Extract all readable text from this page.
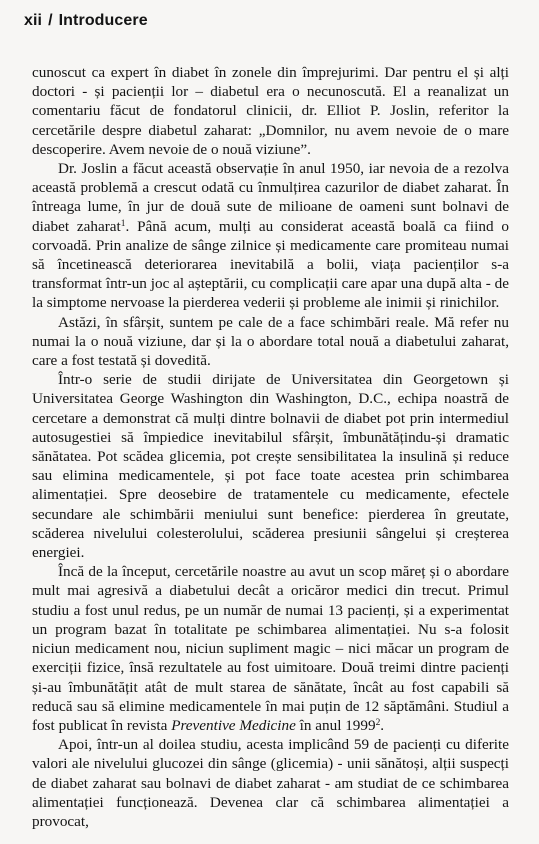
xii / Introducere

cunoscut ca expert în diabet în zonele din împrejurimi. Dar pentru el și alți doctori - și pacienții lor – diabetul era o necunoscută. El a reanalizat un comentariu făcut de fondatorul clinicii, dr. Elliot P. Joslin, referitor la cercetările despre diabetul zaharat: „Domnilor, nu avem nevoie de o mare descoperire. Avem nevoie de o nouă viziune”.

Dr. Joslin a făcut această observație în anul 1950, iar nevoia de a rezolva această problemă a crescut odată cu înmulțirea cazurilor de diabet zaharat. În întreaga lume, în jur de două sute de milioane de oameni sunt bolnavi de diabet zaharat$^1$. Până acum, mulți au considerat această boală ca fiind o corvoadă. Prin analize de sânge zilnice și medicamente care promiteau numai să încetinească deteriorarea inevitabilă a bolii, viața pacienților s-a transformat într-un joc al așteptării, cu complicații care apar una după alta - de la simptome nervoase la pierderea vederii și probleme ale inimii și rinichilor.

Astăzi, în sfârșit, suntem pe cale de a face schimbări reale. Mă refer nu numai la o nouă viziune, dar și la o abordare total nouă a diabetului zaharat, care a fost testată și dovedită.

Într-o serie de studii dirijate de Universitatea din Georgetown și Universitatea George Washington din Washington, D.C., echipa noastră de cercetare a demonstrat că mulți dintre bolnavii de diabet pot prin intermediul autosugestiei să împiedice inevitabilul sfârșit, îmbunătățindu-și dramatic sănătatea. Pot scădea glicemia, pot crește sensibilitatea la insulină și reduce sau elimina medicamentele, și pot face toate acestea prin schimbarea alimentației. Spre deosebire de tratamentele cu medicamente, efectele secundare ale schimbării meniului sunt benefice: pierderea în greutate, scăderea nivelului colesterolului, scăderea presiunii sângelui și creșterea energiei.

Încă de la început, cercetările noastre au avut un scop măreț și o abordare mult mai agresivă a diabetului decât a oricăror medici din trecut. Primul studiu a fost unul redus, pe un număr de numai 13 pacienți, și a experimentat un program bazat în totalitate pe schimbarea alimentației. Nu s-a folosit niciun medicament nou, niciun supliment magic – nici măcar un program de exerciții fizice, însă rezultatele au fost uimitoare. Două treimi dintre pacienți și-au îmbunătățit atât de mult starea de sănătate, încât au fost capabili să reducă sau să elimine medicamentele în mai puțin de 12 săptămâni. Studiul a fost publicat în revista Preventive Medicine în anul 1999$^2$.

Apoi, într-un al doilea studiu, acesta implicând 59 de pacienți cu diferite valori ale nivelului glucozei din sânge (glicemia) - unii sănătoși, alții suspecți de diabet zaharat sau bolnavi de diabet zaharat - am studiat de ce schimbarea alimentației funcționează. Devenea clar că schimbarea alimentației a provocat,
